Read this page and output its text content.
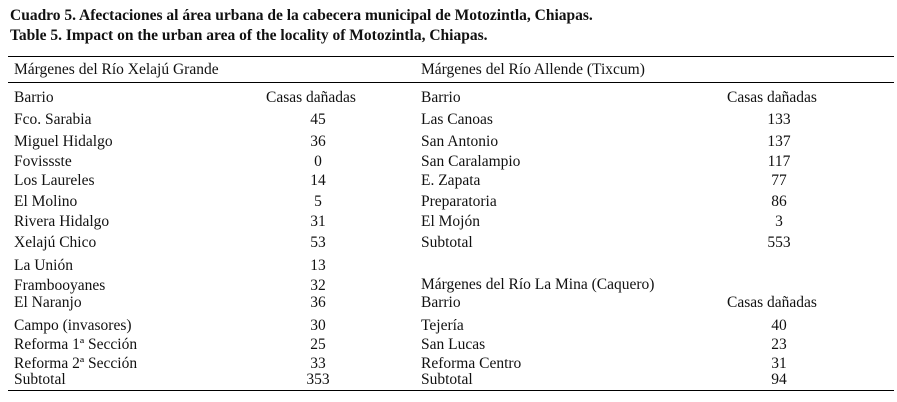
Cuadro 5. Afectaciones al área urbana de la cabecera municipal de Motozintla, Chiapas.
Table 5. Impact on the urban area of the locality of Motozintla, Chiapas.
Márgenes del Río Xelajú Grande
Barrio	Casas dañadas
Fco. Sarabia	45
Miguel Hidalgo	36
Fovissste	0
Los Laureles	14
El Molino	5
Rivera Hidalgo	31
Xelajú Chico	53
La Unión	13
Frambooyanes	32
El Naranjo	36
Campo (invasores)	30
Reforma 1ª Sección	25
Reforma 2ª Sección	33
Subtotal	353
Márgenes del Río Allende (Tixcum)
Barrio	Casas dañadas
Las Canoas	133
San Antonio	137
San Caralampio	117
E. Zapata	77
Preparatoria	86
El Mojón	3
Subtotal	553
Márgenes del Río La Mina (Caquero)
Barrio	Casas dañadas
Tejería	40
San Lucas	23
Reforma Centro	31
Subtotal	94
